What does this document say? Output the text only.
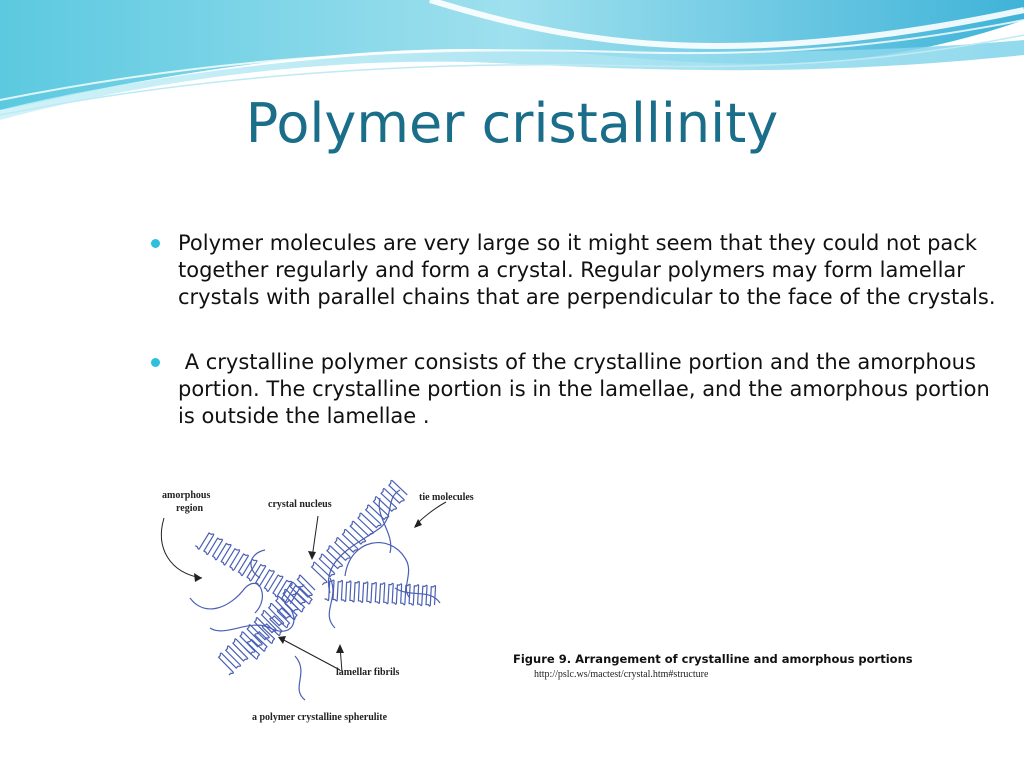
Polymer cristallinity
Polymer molecules are very large so it might seem that they could not pack together regularly and form a crystal. Regular polymers may form lamellar crystals with parallel chains that are perpendicular to the face of the crystals.
A crystalline polymer consists of the crystalline portion and the amorphous portion. The crystalline portion is in the lamellae, and the amorphous portion is outside the lamellae .
amorphous
region	crystal nucleus
tie molecules
lamellar fibrils
a polymer crystalline spherulite
Figure 9. Arrangement of crystalline and amorphous portions
http://pslc.ws/mactest/crystal.htm#structure
